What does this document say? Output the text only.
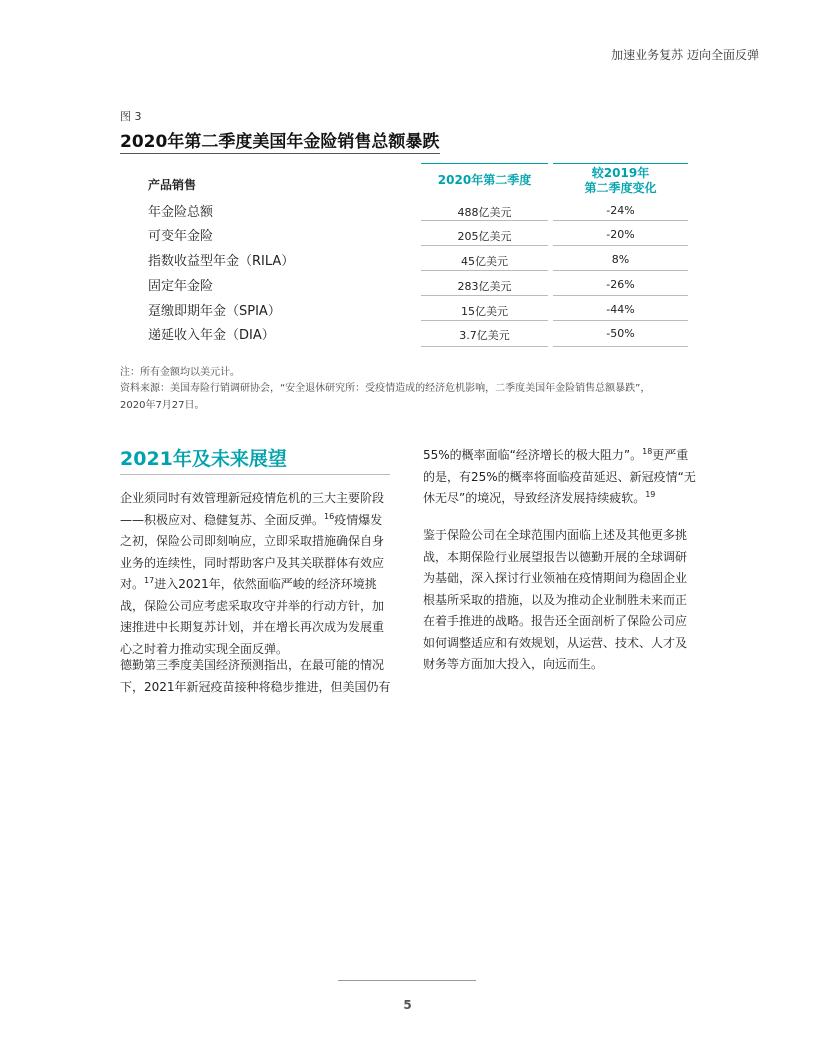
加速业务复苏 迈向全面反弹
图 3
2020年第二季度美国年金险销售总额暴跌
产品销售	2020年第二季度	较2019年
第二季度变化
年金险总额	488亿美元	-24%
可变年金险	205亿美元	-20%
指数收益型年金（RILA）	45亿美元	8%
固定年金险	283亿美元	-26%
趸缴即期年金（SPIA）	15亿美元	-44%
递延收入年金（DIA）	3.7亿美元	-50%
注：所有金额均以美元计。
资料来源：美国寿险行销调研协会，“安全退休研究所：受疫情造成的经济危机影响，二季度美国年金险销售总额暴跌”，
2020年7月27日。
2021年及未来展望
企业须同时有效管理新冠疫情危机的三大主要阶段——积极应对、稳健复苏、全面反弹。$^{16}$疫情爆发之初，保险公司即刻响应，立即采取措施确保自身业务的连续性，同时帮助客户及其关联群体有效应对。$^{17}$进入2021年，依然面临严峻的经济环境挑战，保险公司应考虑采取攻守并举的行动方针，加速推进中长期复苏计划，并在增长再次成为发展重心之时着力推动实现全面反弹。
德勤第三季度美国经济预测指出，在最可能的情况下，2021年新冠疫苗接种将稳步推进，但美国仍有
55%的概率面临“经济增长的极大阻力”。$^{18}$更严重的是，有25%的概率将面临疫苗延迟、新冠疫情“无休无尽”的境况，导致经济发展持续疲软。$^{19}$
鉴于保险公司在全球范围内面临上述及其他更多挑战，本期保险行业展望报告以德勤开展的全球调研为基础，深入探讨行业领袖在疫情期间为稳固企业根基所采取的措施，以及为推动企业制胜未来而正在着手推进的战略。报告还全面剖析了保险公司应如何调整适应和有效规划，从运营、技术、人才及财务等方面加大投入，向远而生。
5
